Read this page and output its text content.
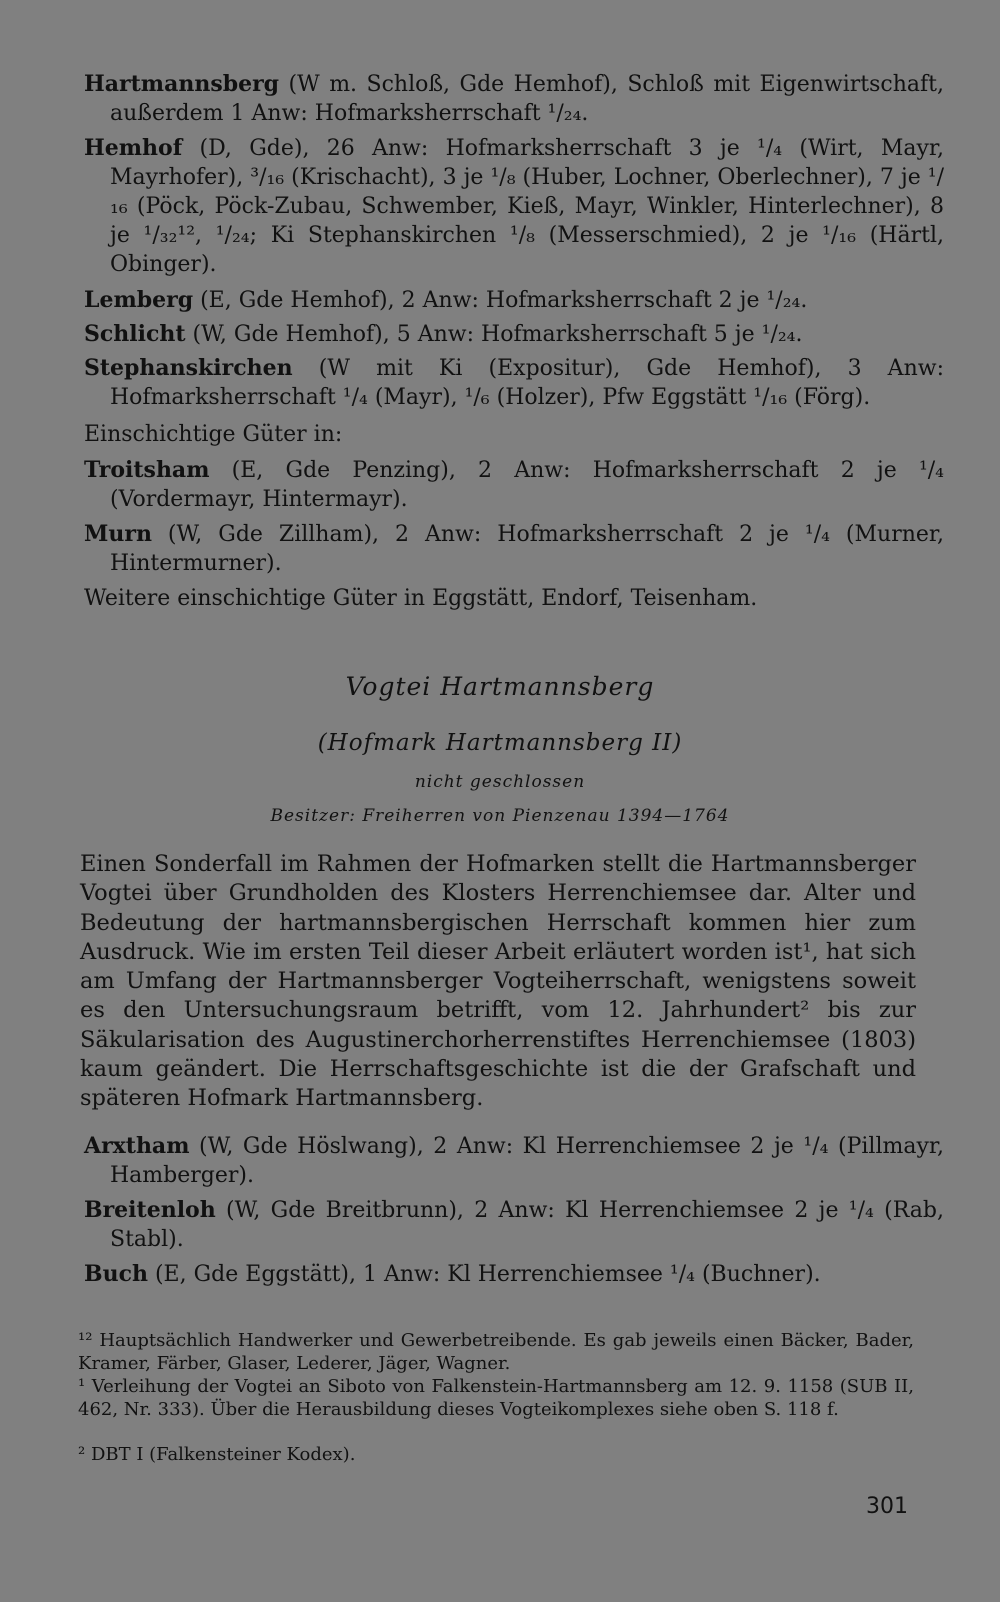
Hartmannsberg (W m. Schloß, Gde Hemhof), Schloß mit Eigenwirtschaft, außerdem 1 Anw: Hofmarksherrschaft ¹/₂₄.
Hemhof (D, Gde), 26 Anw: Hofmarksherrschaft 3 je ¹/₄ (Wirt, Mayr, Mayrhofer), ³/₁₆ (Krischacht), 3 je ¹/₈ (Huber, Lochner, Oberlechner), 7 je ¹/₁₆ (Pöck, Pöck-Zubau, Schwember, Kieß, Mayr, Winkler, Hinterlechner), 8 je ¹/₃₂¹², ¹/₂₄; Ki Stephanskirchen ¹/₈ (Messerschmied), 2 je ¹/₁₆ (Härtl, Obinger).
Lemberg (E, Gde Hemhof), 2 Anw: Hofmarksherrschaft 2 je ¹/₂₄.
Schlicht (W, Gde Hemhof), 5 Anw: Hofmarksherrschaft 5 je ¹/₂₄.
Stephanskirchen (W mit Ki (Expositur), Gde Hemhof), 3 Anw: Hofmarksherrschaft ¹/₄ (Mayr), ¹/₆ (Holzer), Pfw Eggstätt ¹/₁₆ (Förg).
Einschichtige Güter in:
Troitsham (E, Gde Penzing), 2 Anw: Hofmarksherrschaft 2 je ¹/₄ (Vordermayr, Hintermayr).
Murn (W, Gde Zillham), 2 Anw: Hofmarksherrschaft 2 je ¹/₄ (Murner, Hintermurner).
Weitere einschichtige Güter in Eggstätt, Endorf, Teisenham.
Vogtei Hartmannsberg
(Hofmark Hartmannsberg II)
nicht geschlossen
Besitzer: Freiherren von Pienzenau 1394—1764
Einen Sonderfall im Rahmen der Hofmarken stellt die Hartmannsberger Vogtei über Grundholden des Klosters Herrenchiemsee dar. Alter und Bedeutung der hartmannsbergischen Herrschaft kommen hier zum Ausdruck. Wie im ersten Teil dieser Arbeit erläutert worden ist¹, hat sich am Umfang der Hartmannsberger Vogteiherrschaft, wenigstens soweit es den Untersuchungsraum betrifft, vom 12. Jahrhundert² bis zur Säkularisation des Augustinerchorherrenstiftes Herrenchiemsee (1803) kaum geändert. Die Herrschaftsgeschichte ist die der Grafschaft und späteren Hofmark Hartmannsberg.
Arxtham (W, Gde Höslwang), 2 Anw: Kl Herrenchiemsee 2 je ¹/₄ (Pillmayr, Hamberger).
Breitenloh (W, Gde Breitbrunn), 2 Anw: Kl Herrenchiemsee 2 je ¹/₄ (Rab, Stabl).
Buch (E, Gde Eggstätt), 1 Anw: Kl Herrenchiemsee ¹/₄ (Buchner).
¹² Hauptsächlich Handwerker und Gewerbetreibende. Es gab jeweils einen Bäcker, Bader, Kramer, Färber, Glaser, Lederer, Jäger, Wagner.
¹ Verleihung der Vogtei an Siboto von Falkenstein-Hartmannsberg am 12. 9. 1158 (SUB II, 462, Nr. 333). Über die Herausbildung dieses Vogteikomplexes siehe oben S. 118 f.
² DBT I (Falkensteiner Kodex).
301
